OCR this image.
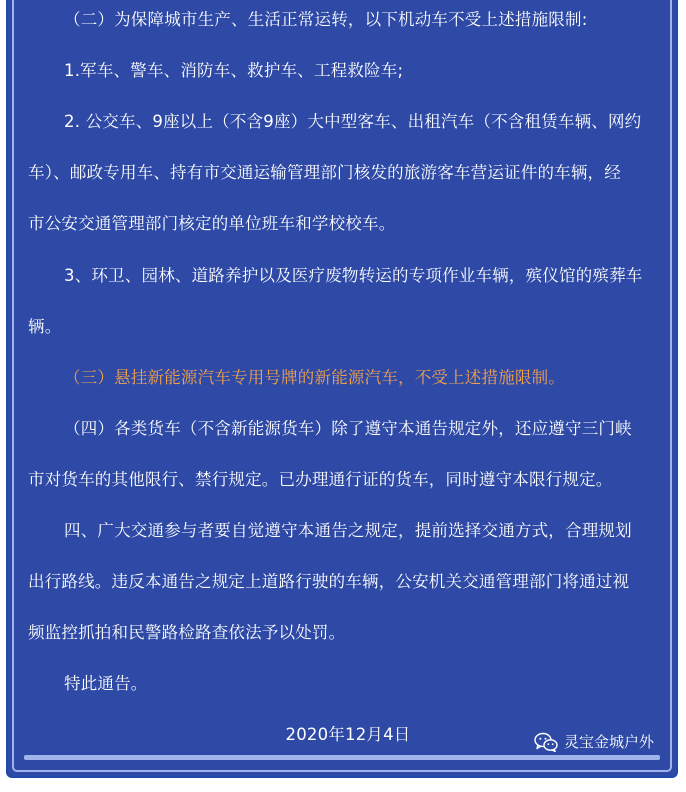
（二）为保障城市生产、生活正常运转，以下机动车不受上述措施限制:
1.军车、警车、消防车、救护车、工程救险车;
2. 公交车、9座以上（不含9座）大中型客车、出租汽车（不含租赁车辆、网约
车）、邮政专用车、持有市交通运输管理部门核发的旅游客车营运证件的车辆，经
市公安交通管理部门核定的单位班车和学校校车。
3、环卫、园林、道路养护以及医疗废物转运的专项作业车辆，殡仪馆的殡葬车
辆。
（三）悬挂新能源汽车专用号牌的新能源汽车，不受上述措施限制。
（四）各类货车（不含新能源货车）除了遵守本通告规定外，还应遵守三门峡
市对货车的其他限行、禁行规定。已办理通行证的货车，同时遵守本限行规定。
四、广大交通参与者要自觉遵守本通告之规定，提前选择交通方式，合理规划
出行路线。违反本通告之规定上道路行驶的车辆，公安机关交通管理部门将通过视
频监控抓拍和民警路检路查依法予以处罚。
特此通告。
2020年12月4日	灵宝金城户外
